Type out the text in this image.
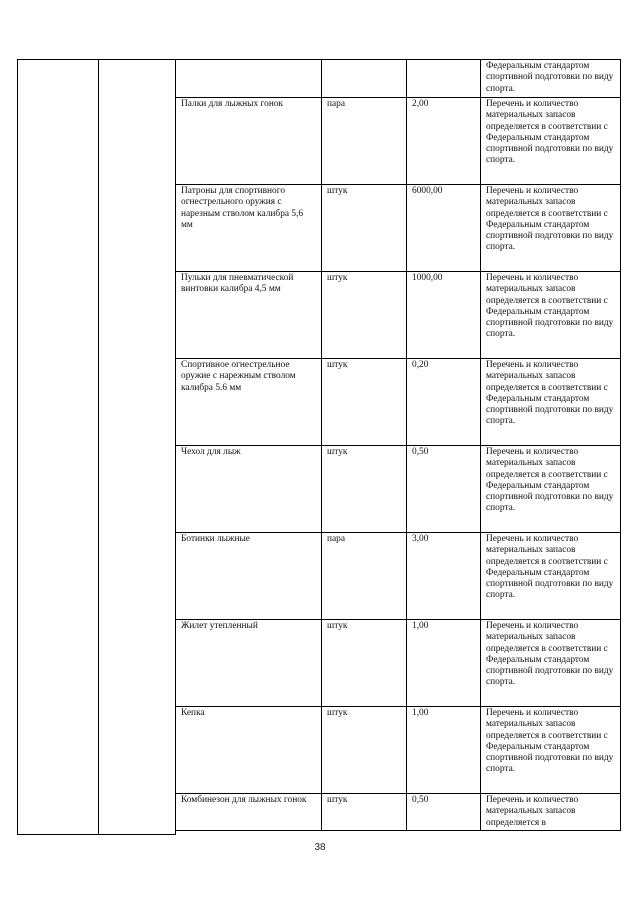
					Федеральным стандартом спортивной подготовки по виду спорта.
		Палки для лыжных гонок	пара	2,00	Перечень и количество материальных запасов определяется в соответствии с Федеральным стандартом спортивной подготовки по виду спорта.
		Патроны для спортивного огнестрельного оружия с нарезным стволом калибра 5,6 мм	штук	6000,00	Перечень и количество материальных запасов определяется в соответствии с Федеральным стандартом спортивной подготовки по виду спорта.
		Пульки для пневматической винтовки калибра 4,5 мм	штук	1000,00	Перечень и количество материальных запасов определяется в соответствии с Федеральным стандартом спортивной подготовки по виду спорта.
		Спортивное огнестрельное оружие с нарежным стволом калибра 5.6 мм	штук	0,20	Перечень и количество материальных запасов определяется в соответствии с Федеральным стандартом спортивной подготовки по виду спорта.
		Чехол для лыж	штук	0,50	Перечень и количество материальных запасов определяется в соответствии с Федеральным стандартом спортивной подготовки по виду спорта.
		Ботинки лыжные	пара	3,00	Перечень и количество материальных запасов определяется в соответствии с Федеральным стандартом спортивной подготовки по виду спорта.
		Жилет утепленный	штук	1,00	Перечень и количество материальных запасов определяется в соответствии с Федеральным стандартом спортивной подготовки по виду спорта.
		Кепка	штук	1,00	Перечень и количество материальных запасов определяется в соответствии с Федеральным стандартом спортивной подготовки по виду спорта.
		Комбинезон для лыжных гонок	штук	0,50	Перечень и количество материальных запасов определяется в

38
